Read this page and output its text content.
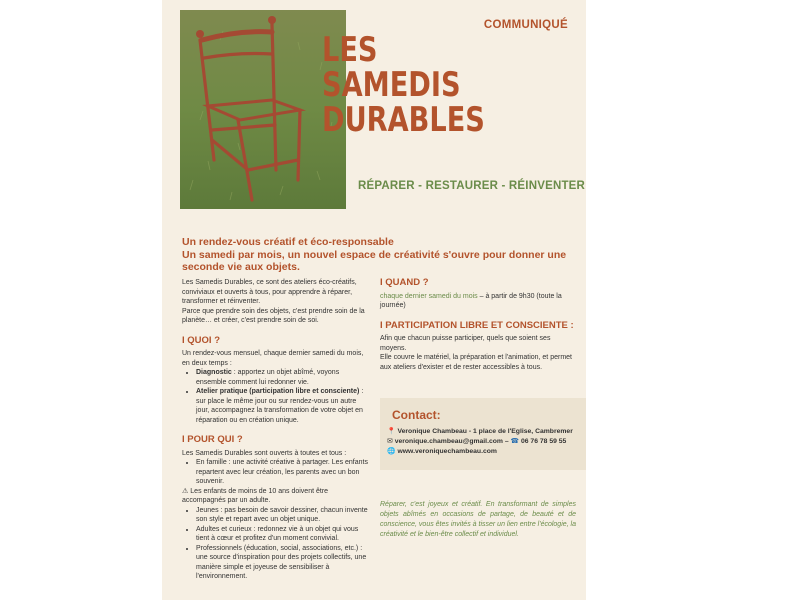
COMMUNIQUÉ
LES
SAMEDIS
DURABLES
RÉPARER - RESTAURER - RÉINVENTER
Un rendez-vous créatif et éco-responsable
Un samedi par mois, un nouvel espace de créativité s'ouvre pour donner une seconde vie aux objets.

Les Samedis Durables, ce sont des ateliers éco-créatifs, conviviaux et ouverts à tous, pour apprendre à réparer, transformer et réinventer.

Parce que prendre soin des objets, c'est prendre soin de la planète… et créer, c'est prendre soin de soi.

I QUOI ?

Un rendez-vous mensuel, chaque dernier samedi du mois, en deux temps :

• Diagnostic : apportez un objet abîmé, voyons ensemble comment lui redonner vie.
• Atelier pratique (participation libre et consciente) : sur place le même jour ou sur rendez-vous un autre jour, accompagnez la transformation de votre objet en réparation ou en création unique.
I POUR QUI ?

Les Samedis Durables sont ouverts à toutes et tous :

• En famille : une activité créative à partager. Les enfants repartent avec leur création, les parents avec un bon souvenir.

⚠ Les enfants de moins de 10 ans doivent être accompagnés par un adulte.

• Jeunes : pas besoin de savoir dessiner, chacun invente son style et repart avec un objet unique.
• Adultes et curieux : redonnez vie à un objet qui vous tient à cœur et profitez d'un moment convivial.
• Professionnels (éducation, social, associations, etc.) : une source d'inspiration pour des projets collectifs, une manière simple et joyeuse de sensibiliser à l'environnement.
I QUAND ?

chaque dernier samedi du mois – à partir de 9h30 (toute la journée)

I PARTICIPATION LIBRE ET CONSCIENTE :

Afin que chacun puisse participer, quels que soient ses moyens.

Elle couvre le matériel, la préparation et l'animation, et permet aux ateliers d'exister et de rester accessibles à tous.

Contact:
📍 Veronique Chambeau - 1 place de l'Eglise, Cambremer
✉ veronique.chambeau@gmail.com – ☎ 06 76 78 59 55
🌐 www.veroniquechambeau.com
Réparer, c'est joyeux et créatif. En transformant de simples objets abîmés en occasions de partage, de beauté et de conscience, vous êtes invités à tisser un lien entre l'écologie, la créativité et le bien-être collectif et individuel.
